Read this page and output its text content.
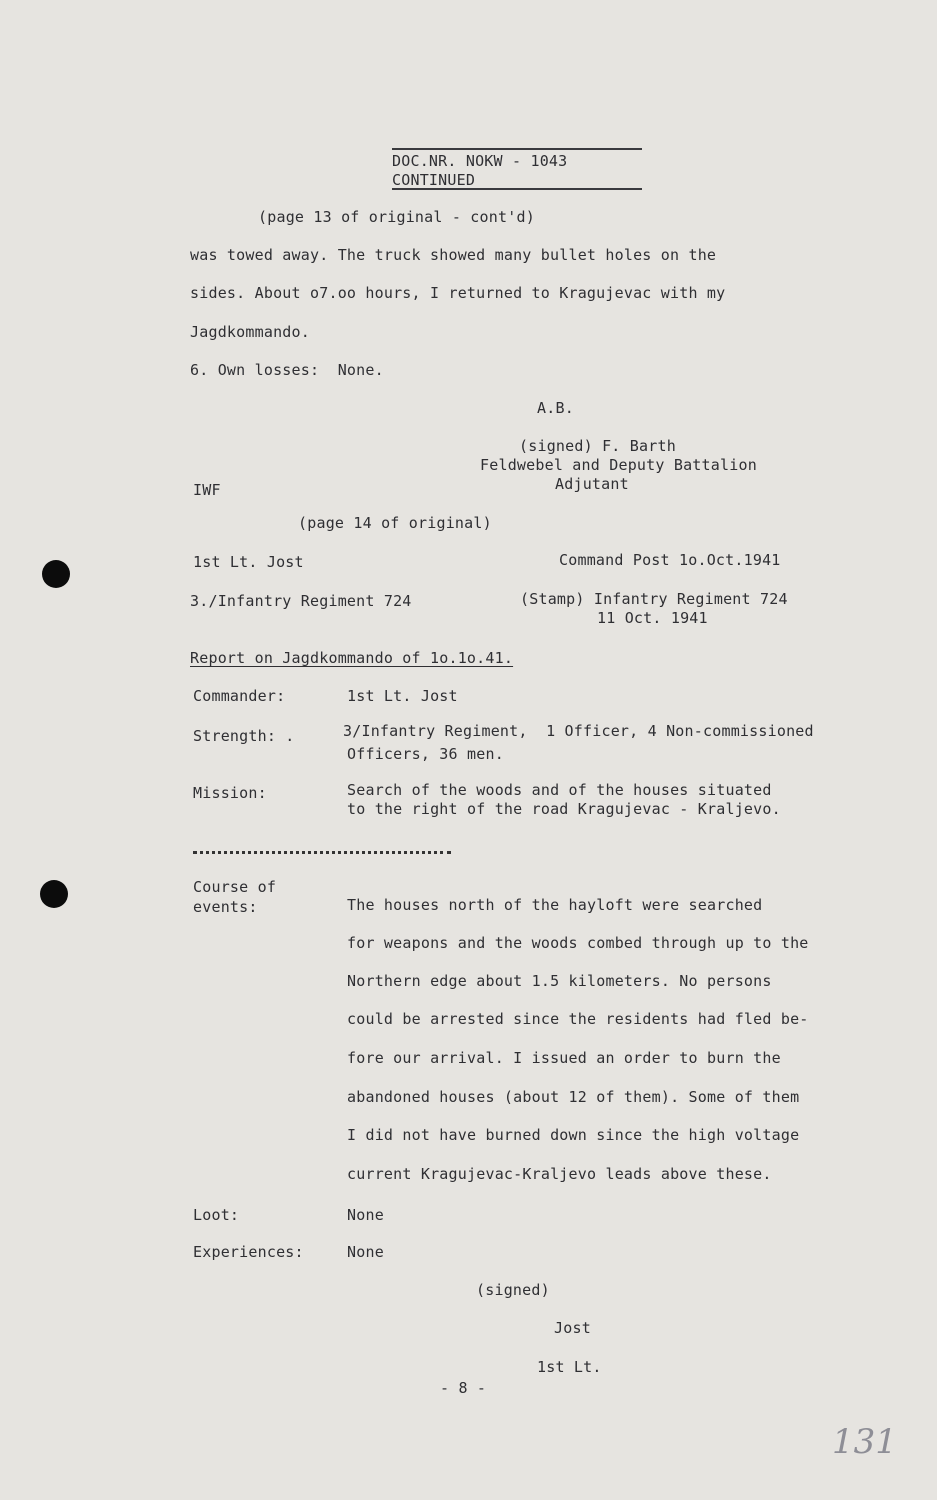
DOC.NR. NOKW - 1043
CONTINUED
(page 13 of original - cont'd)
was towed away. The truck showed many bullet holes on the
sides. About o7.oo hours, I returned to Kragujevac with my
Jagdkommando.
6. Own losses:  None.
A.B.
(signed) F. Barth
Feldwebel and Deputy Battalion
Adjutant
IWF
(page 14 of original)
1st Lt. Jost	Command Post 1o.Oct.1941
3./Infantry Regiment 724	(Stamp) Infantry Regiment 724
11 Oct. 1941
Report on Jagdkommando of 1o.1o.41.
Commander:	1st Lt. Jost
Strength: .	3/Infantry Regiment,  1 Officer, 4 Non-commissioned
Officers, 36 men.
Mission:	Search of the woods and of the houses situated
to the right of the road Kragujevac - Kraljevo.
Course of
events:	The houses north of the hayloft were searched
for weapons and the woods combed through up to the
Northern edge about 1.5 kilometers. No persons
could be arrested since the residents had fled be-
fore our arrival. I issued an order to burn the
abandoned houses (about 12 of them). Some of them
I did not have burned down since the high voltage
current Kragujevac-Kraljevo leads above these.
Loot:	None
Experiences:	None
(signed)
Jost
1st Lt.
- 8 -
131
